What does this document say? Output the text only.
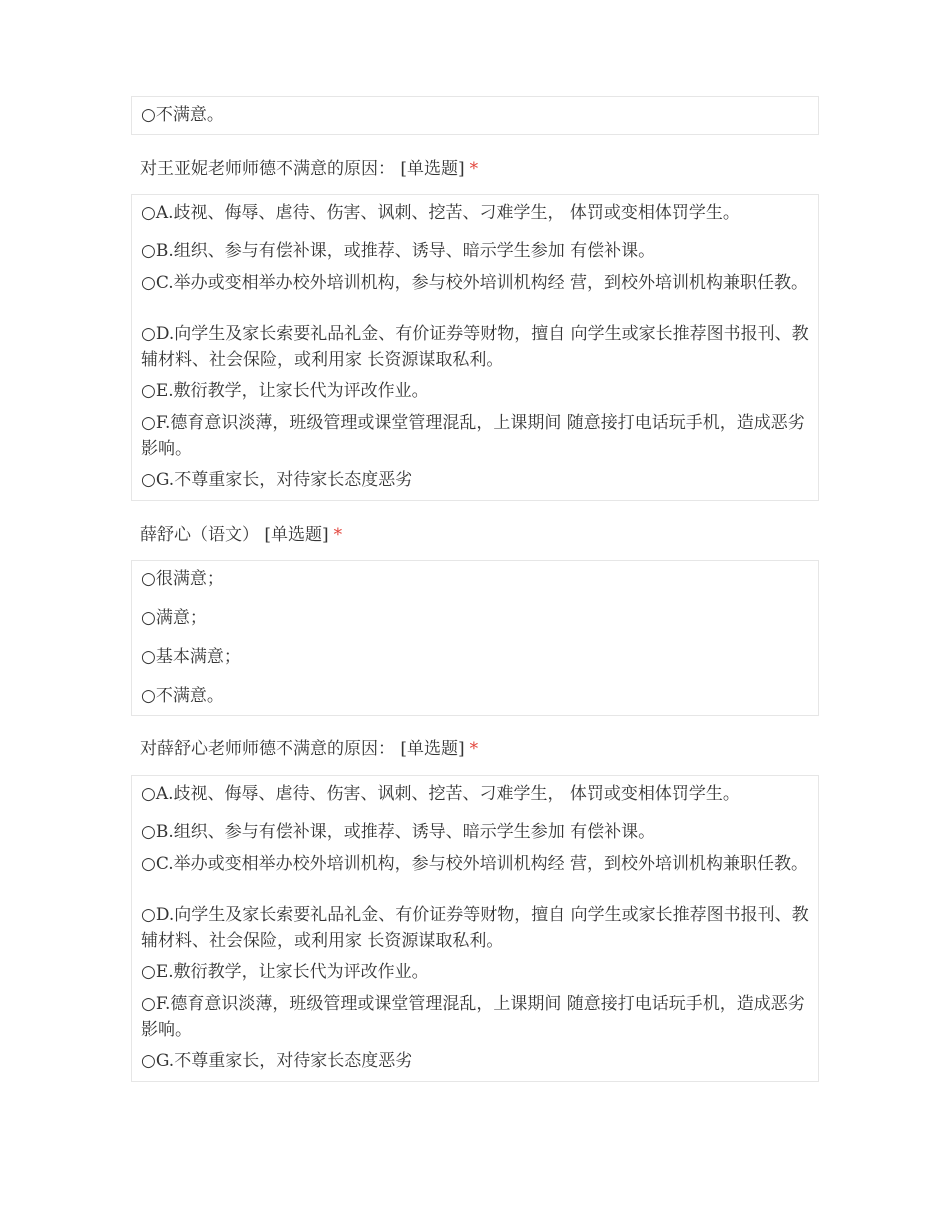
○不满意。

对王亚妮老师师德不满意的原因： [单选题] *

○A.歧视、侮辱、虐待、伤害、讽刺、挖苦、刁难学生， 体罚或变相体罚学生。

○B.组织、参与有偿补课，或推荐、诱导、暗示学生参加 有偿补课。

○C.举办或变相举办校外培训机构，参与校外培训机构经 营，到校外培训机构兼职任教。

○D.向学生及家长索要礼品礼金、有价证券等财物，擅自 向学生或家长推荐图书报刊、教辅材料、社会保险，或利用家 长资源谋取私利。

○E.敷衍教学，让家长代为评改作业。

○F.德育意识淡薄，班级管理或课堂管理混乱，上课期间 随意接打电话玩手机，造成恶劣影响。

○G.不尊重家长，对待家长态度恶劣

薛舒心（语文） [单选题] *

○很满意；

○满意；

○基本满意；

○不满意。

对薛舒心老师师德不满意的原因： [单选题] *

○A.歧视、侮辱、虐待、伤害、讽刺、挖苦、刁难学生， 体罚或变相体罚学生。

○B.组织、参与有偿补课，或推荐、诱导、暗示学生参加 有偿补课。

○C.举办或变相举办校外培训机构，参与校外培训机构经 营，到校外培训机构兼职任教。

○D.向学生及家长索要礼品礼金、有价证券等财物，擅自 向学生或家长推荐图书报刊、教辅材料、社会保险，或利用家 长资源谋取私利。

○E.敷衍教学，让家长代为评改作业。

○F.德育意识淡薄，班级管理或课堂管理混乱，上课期间 随意接打电话玩手机，造成恶劣影响。

○G.不尊重家长，对待家长态度恶劣
